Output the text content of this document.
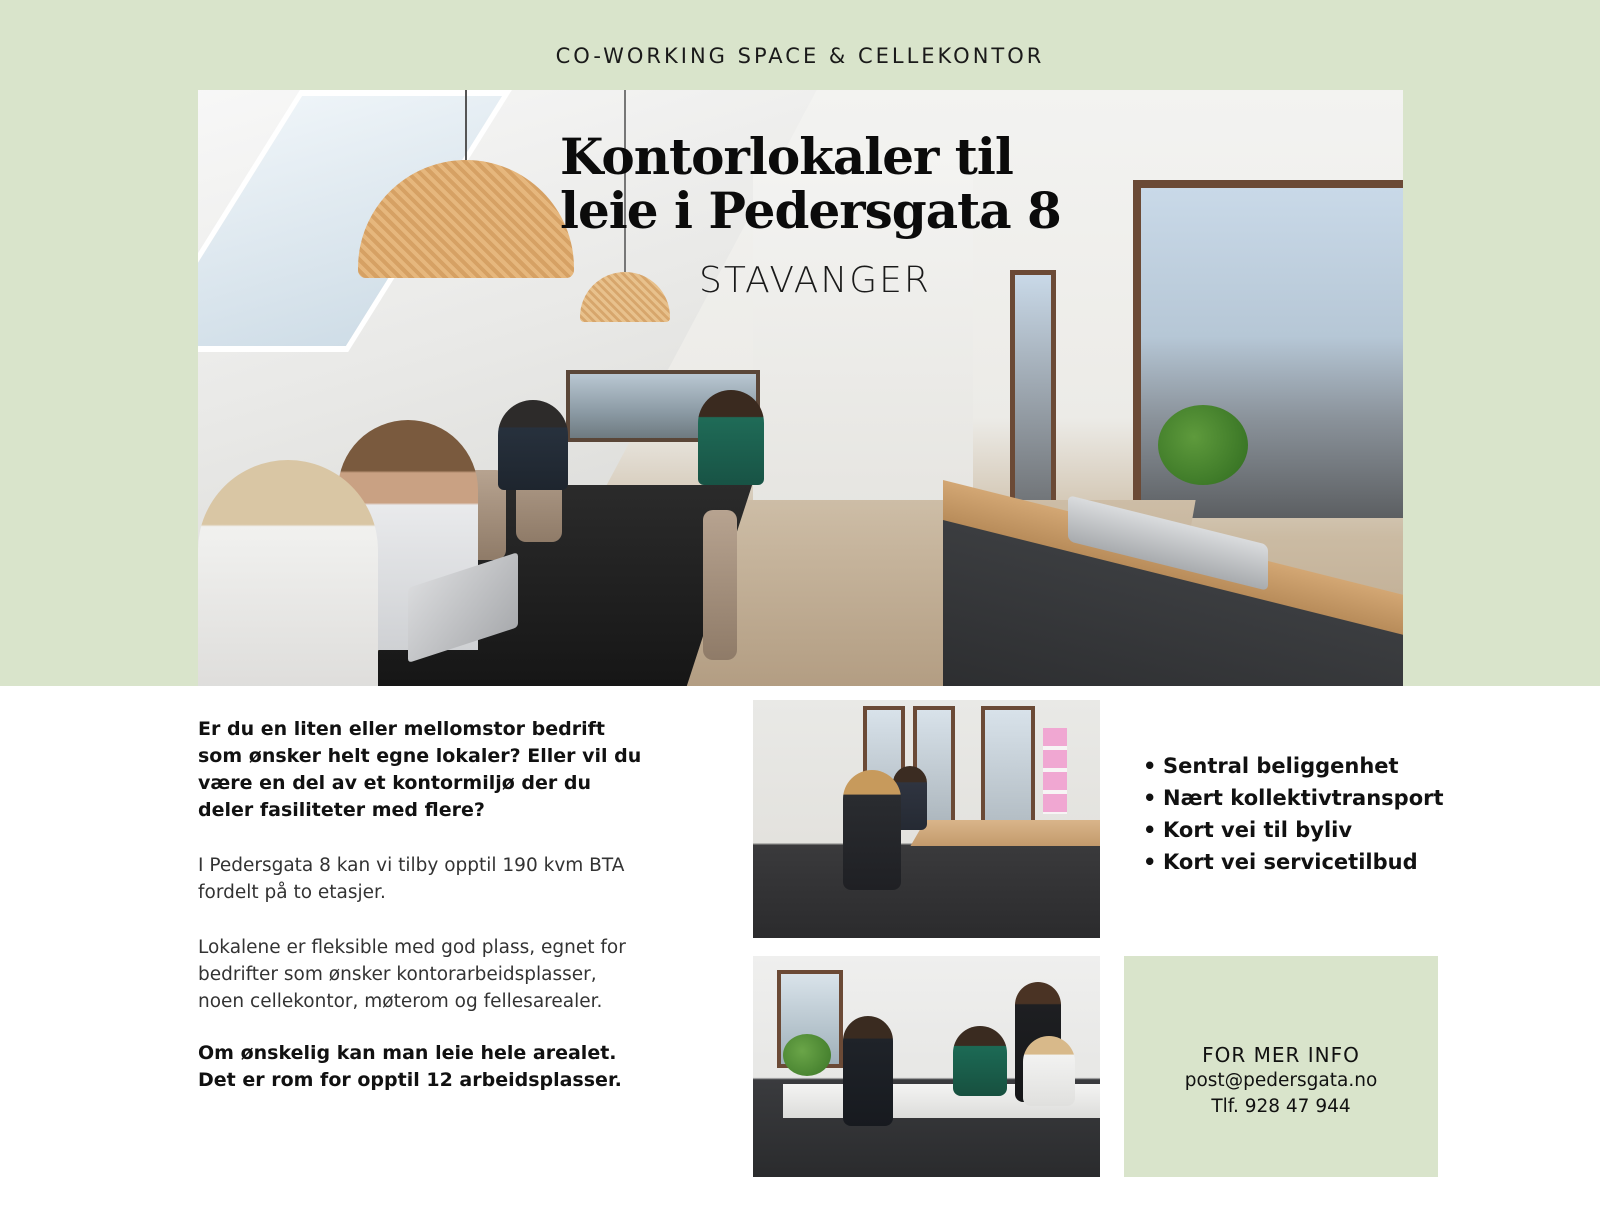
CO-WORKING SPACE & CELLEKONTOR
Kontorlokaler til
leie i Pedersgata 8
STAVANGER

Er du en liten eller mellomstor bedrift som ønsker helt egne lokaler? Eller vil du være en del av et kontormiljø der du deler fasiliteter med flere?

I Pedersgata 8 kan vi tilby opptil 190 kvm BTA fordelt på to etasjer.

Lokalene er fleksible med god plass, egnet for bedrifter som ønsker kontorarbeidsplasser, noen cellekontor, møterom og fellesarealer.

Om ønskelig kan man leie hele arealet.
Det er rom for opptil 12 arbeidsplasser.

• Sentral beliggenhet
• Nært kollektivtransport
• Kort vei til byliv
• Kort vei servicetilbud
FOR MER INFO
post@pedersgata.no
Tlf. 928 47 944
